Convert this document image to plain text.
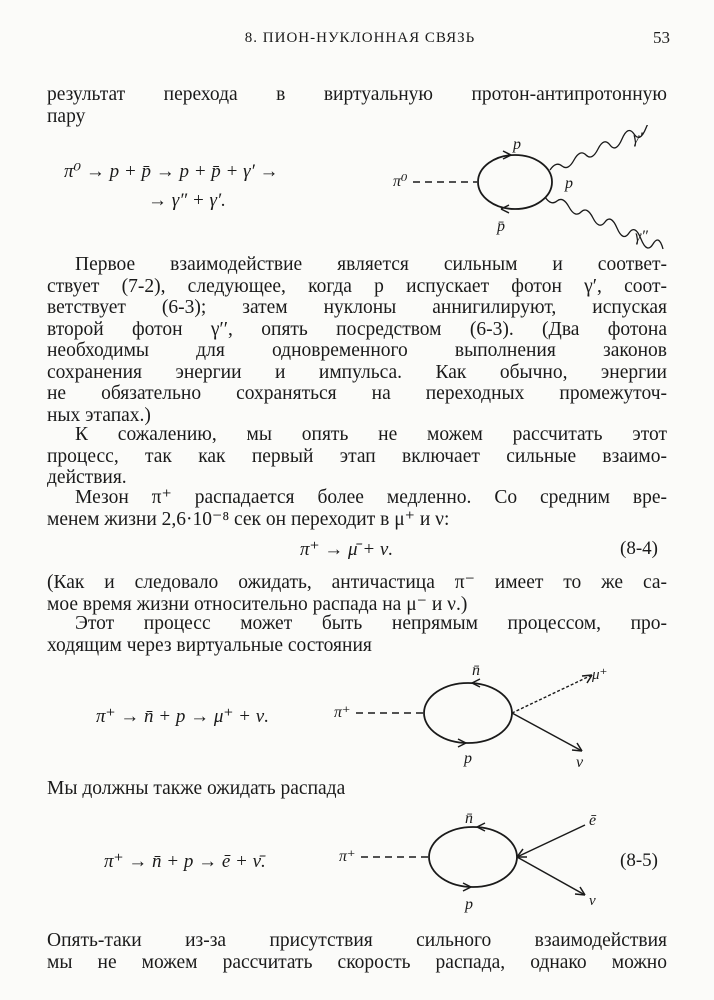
8. ПИОН-НУКЛОННАЯ СВЯЗЬ	53
результат перехода в виртуальную протон-антипротонную
пару
π⁰ → p + p̄ → p + p̄ + γ′ →
→ γ″ + γ′.
π⁰
p
p
p̄
γ′
γ″
Первое взаимодействие является сильным и соответ-
ствует (7-2), следующее, когда p испускает фотон γ′, соот-
ветствует (6-3); затем нуклоны аннигилируют, испуская
второй фотон γ′′, опять посредством (6-3). (Два фотона
необходимы для одновременного выполнения законов
сохранения энергии и импульса. Как обычно, энергии
не обязательно сохраняться на переходных промежуточ-
ных этапах.)
К сожалению, мы опять не можем рассчитать этот
процесс, так как первый этап включает сильные взаимо-
действия.
Мезон π⁺ распадается более медленно. Со средним вре-
менем жизни 2,6·10⁻⁸ сек он переходит в μ⁺ и ν:
π⁺ → μ̄ + ν.	(8-4)
(Как и следовало ожидать, античастица π⁻ имеет то же са-
мое время жизни относительно распада на μ⁻ и ν.)
Этот процесс может быть непрямым процессом, про-
ходящим через виртуальные состояния
π⁺ → n̄ + p → μ⁺ + ν.	π⁺
n̄
p
μ⁺
ν
Мы должны также ожидать распада
π⁺ → n̄ + p → ē + ν̄.	(8-5)
π⁺
n̄
p
ē
ν
Опять-таки из-за присутствия сильного взаимодействия
мы не можем рассчитать скорость распада, однако можно
